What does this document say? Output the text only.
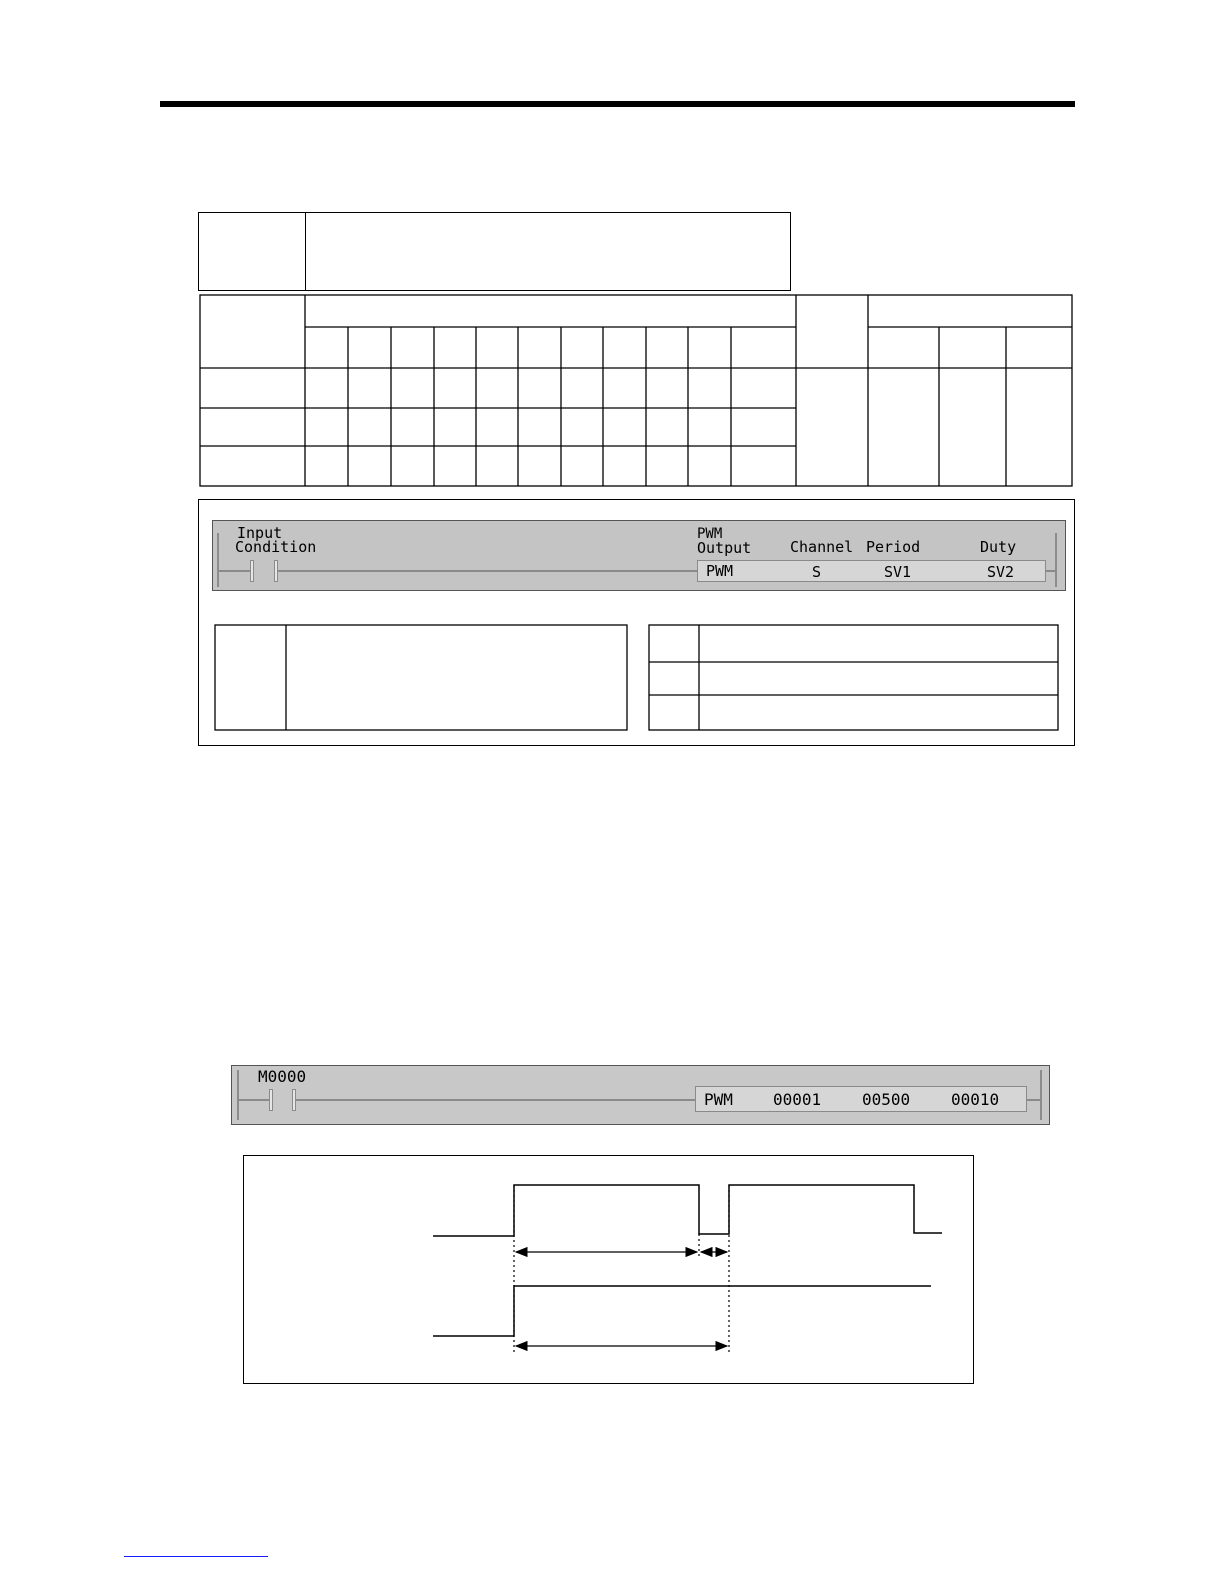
Input
Condition
PWM
Output	Channel Period	Duty
PWM	S	SV1	SV2
M0000
PWM	00001	00500	00010
